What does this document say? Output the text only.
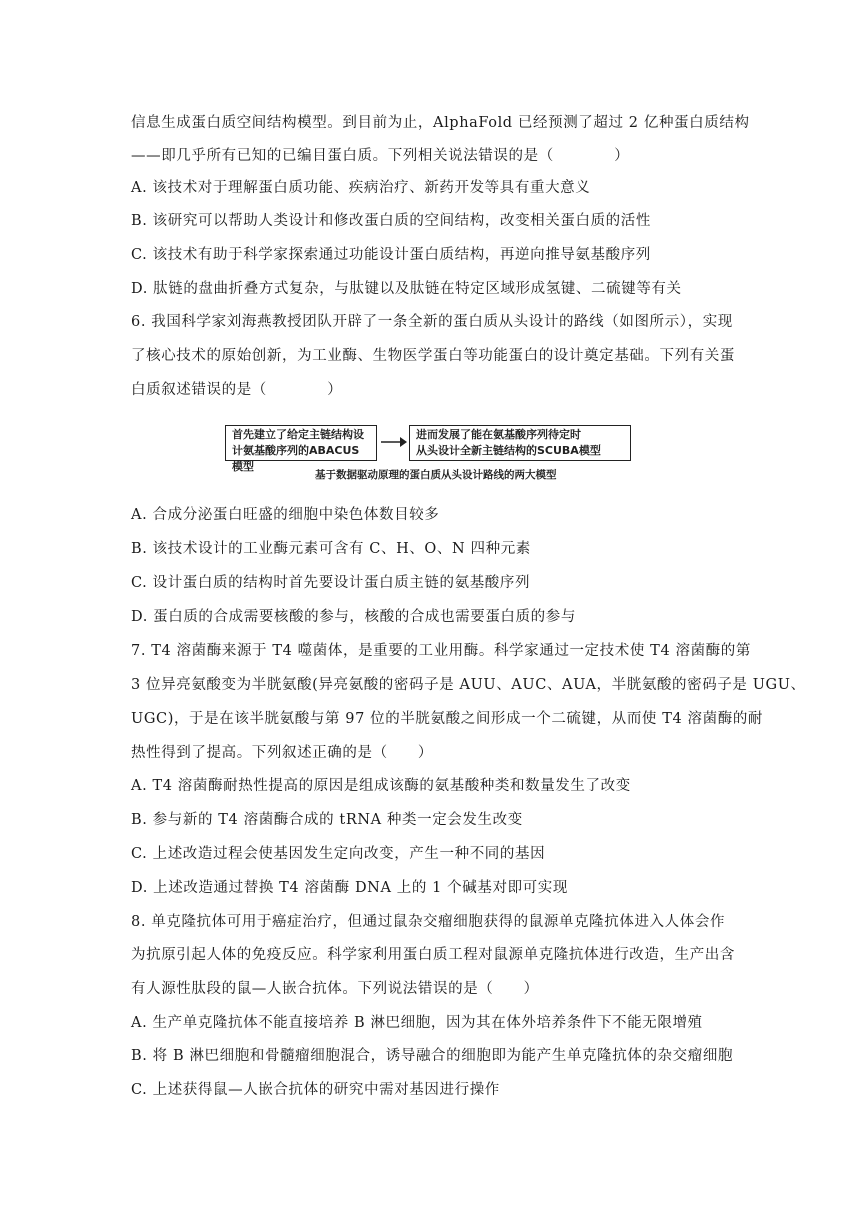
信息生成蛋白质空间结构模型。到目前为止，AlphaFold 已经预测了超过 2 亿种蛋白质结构
——即几乎所有已知的已编目蛋白质。下列相关说法错误的是（　　　　）
A. 该技术对于理解蛋白质功能、疾病治疗、新药开发等具有重大意义
B. 该研究可以帮助人类设计和修改蛋白质的空间结构，改变相关蛋白质的活性
C. 该技术有助于科学家探索通过功能设计蛋白质结构，再逆向推导氨基酸序列
D. 肽链的盘曲折叠方式复杂，与肽键以及肽链在特定区域形成氢键、二硫键等有关
6. 我国科学家刘海燕教授团队开辟了一条全新的蛋白质从头设计的路线（如图所示），实现
了核心技术的原始创新，为工业酶、生物医学蛋白等功能蛋白的设计奠定基础。下列有关蛋
白质叙述错误的是（　　　　）
首先建立了给定主链结构设
计氨基酸序列的ABACUS模型
进而发展了能在氨基酸序列待定时
从头设计全新主链结构的SCUBA模型
基于数据驱动原理的蛋白质从头设计路线的两大模型
A. 合成分泌蛋白旺盛的细胞中染色体数目较多
B. 该技术设计的工业酶元素可含有 C、H、O、N 四种元素
C. 设计蛋白质的结构时首先要设计蛋白质主链的氨基酸序列
D. 蛋白质的合成需要核酸的参与，核酸的合成也需要蛋白质的参与
7. T4 溶菌酶来源于 T4 噬菌体，是重要的工业用酶。科学家通过一定技术使 T4 溶菌酶的第
3 位异亮氨酸变为半胱氨酸(异亮氨酸的密码子是 AUU、AUC、AUA，半胱氨酸的密码子是 UGU、
UGC)，于是在该半胱氨酸与第 97 位的半胱氨酸之间形成一个二硫键，从而使 T4 溶菌酶的耐
热性得到了提高。下列叙述正确的是（　　）
A. T4 溶菌酶耐热性提高的原因是组成该酶的氨基酸种类和数量发生了改变
B. 参与新的 T4 溶菌酶合成的 tRNA 种类一定会发生改变
C. 上述改造过程会使基因发生定向改变，产生一种不同的基因
D. 上述改造通过替换 T4 溶菌酶 DNA 上的 1 个碱基对即可实现
8. 单克隆抗体可用于癌症治疗，但通过鼠杂交瘤细胞获得的鼠源单克隆抗体进入人体会作
为抗原引起人体的免疫反应。科学家利用蛋白质工程对鼠源单克隆抗体进行改造，生产出含
有人源性肽段的鼠—人嵌合抗体。下列说法错误的是（　　）
A. 生产单克隆抗体不能直接培养 B 淋巴细胞，因为其在体外培养条件下不能无限增殖
B. 将 B 淋巴细胞和骨髓瘤细胞混合，诱导融合的细胞即为能产生单克隆抗体的杂交瘤细胞
C. 上述获得鼠—人嵌合抗体的研究中需对基因进行操作
